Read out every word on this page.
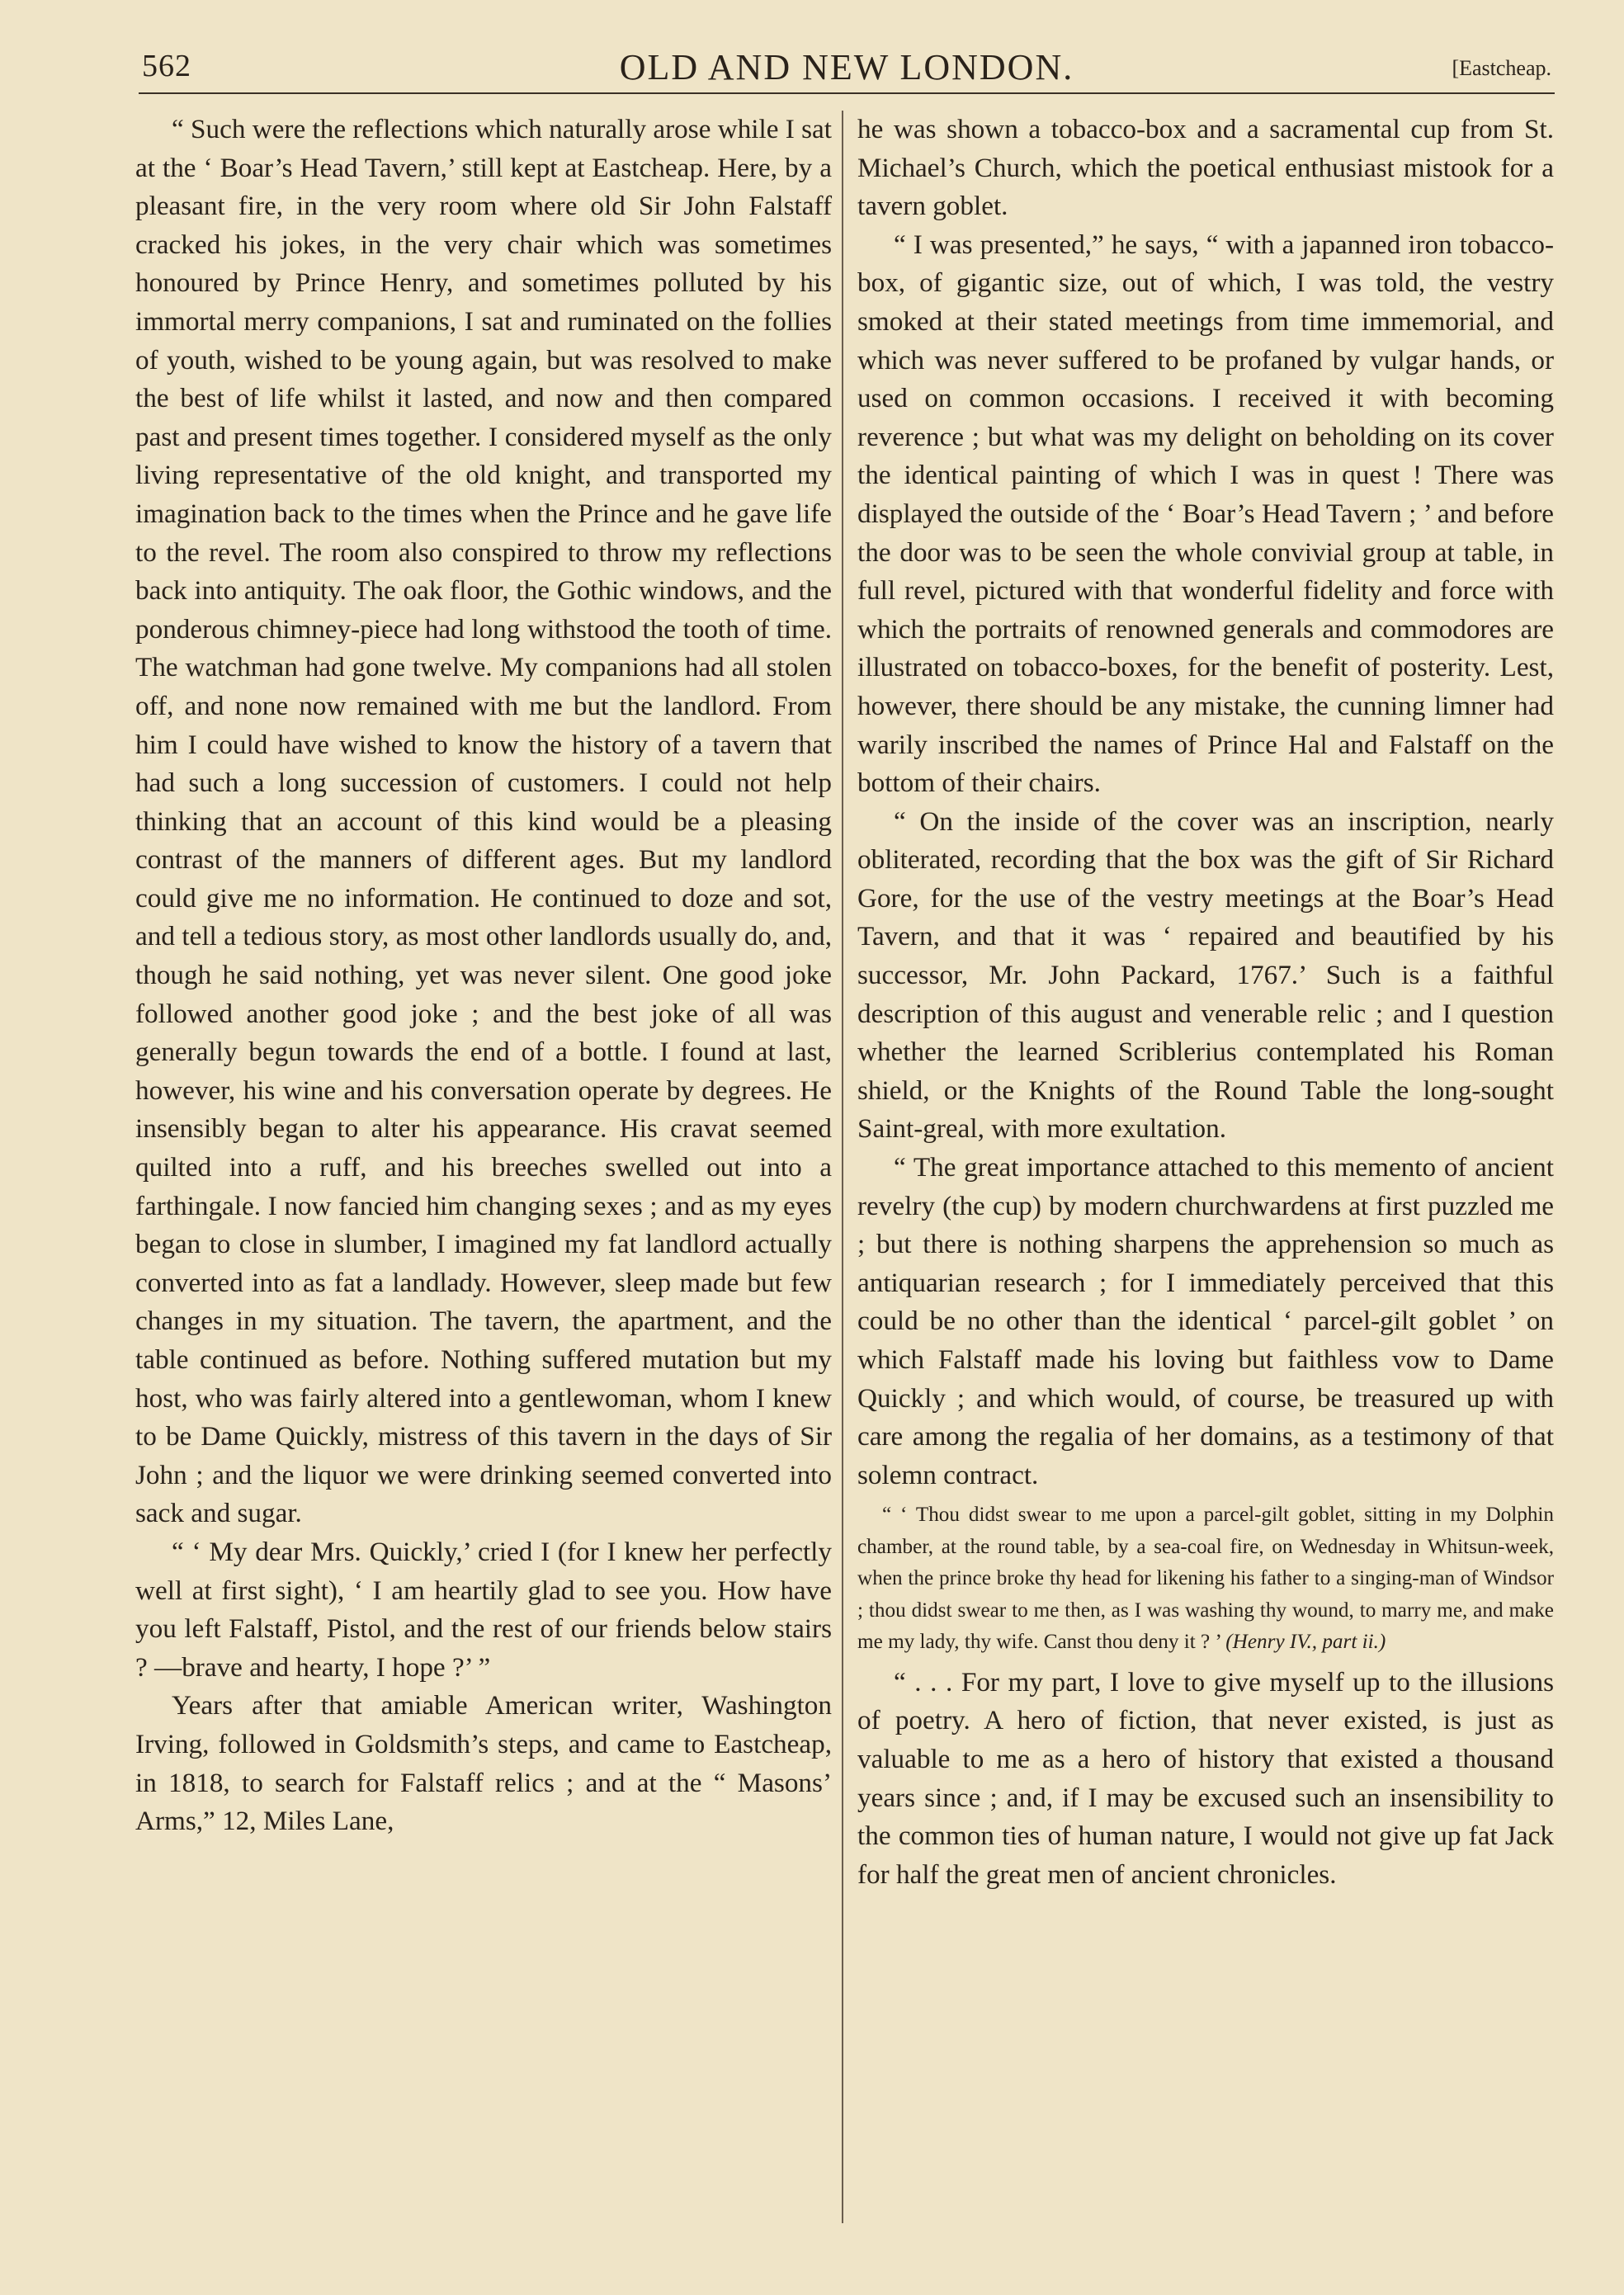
562	OLD AND NEW LONDON.	[Eastcheap.

“ Such were the reflections which naturally arose while I sat at the ‘ Boar’s Head Tavern,’ still kept at Eastcheap. Here, by a pleasant fire, in the very room where old Sir John Falstaff cracked his jokes, in the very chair which was sometimes honoured by Prince Henry, and sometimes polluted by his immortal merry companions, I sat and ruminated on the follies of youth, wished to be young again, but was resolved to make the best of life whilst it lasted, and now and then compared past and present times together. I considered myself as the only living representative of the old knight, and transported my imagination back to the times when the Prince and he gave life to the revel. The room also conspired to throw my reflections back into antiquity. The oak floor, the Gothic windows, and the ponderous chimney-piece had long withstood the tooth of time. The watchman had gone twelve. My companions had all stolen off, and none now remained with me but the landlord. From him I could have wished to know the history of a tavern that had such a long succession of customers. I could not help thinking that an account of this kind would be a pleasing contrast of the manners of different ages. But my landlord could give me no information. He continued to doze and sot, and tell a tedious story, as most other landlords usually do, and, though he said nothing, yet was never silent. One good joke followed another good joke ; and the best joke of all was generally begun towards the end of a bottle. I found at last, however, his wine and his conversation operate by degrees. He insensibly began to alter his appearance. His cravat seemed quilted into a ruff, and his breeches swelled out into a farthingale. I now fancied him changing sexes ; and as my eyes began to close in slumber, I imagined my fat landlord actually converted into as fat a landlady. However, sleep made but few changes in my situation. The tavern, the apartment, and the table continued as before. Nothing suffered mutation but my host, who was fairly altered into a gentlewoman, whom I knew to be Dame Quickly, mistress of this tavern in the days of Sir John ; and the liquor we were drinking seemed converted into sack and sugar.

“ ‘ My dear Mrs. Quickly,’ cried I (for I knew her perfectly well at first sight), ‘ I am heartily glad to see you. How have you left Falstaff, Pistol, and the rest of our friends below stairs ? —brave and hearty, I hope ?’ ”

Years after that amiable American writer, Washington Irving, followed in Goldsmith’s steps, and came to Eastcheap, in 1818, to search for Falstaff relics ; and at the “ Masons’ Arms,” 12, Miles Lane,

he was shown a tobacco-box and a sacramental cup from St. Michael’s Church, which the poetical enthusiast mistook for a tavern goblet.

“ I was presented,” he says, “ with a japanned iron tobacco-box, of gigantic size, out of which, I was told, the vestry smoked at their stated meetings from time immemorial, and which was never suffered to be profaned by vulgar hands, or used on common occasions. I received it with becoming reverence ; but what was my delight on beholding on its cover the identical painting of which I was in quest ! There was displayed the outside of the ‘ Boar’s Head Tavern ; ’ and before the door was to be seen the whole convivial group at table, in full revel, pictured with that wonderful fidelity and force with which the portraits of renowned generals and commodores are illustrated on tobacco-boxes, for the benefit of posterity. Lest, however, there should be any mistake, the cunning limner had warily inscribed the names of Prince Hal and Falstaff on the bottom of their chairs.

“ On the inside of the cover was an inscription, nearly obliterated, recording that the box was the gift of Sir Richard Gore, for the use of the vestry meetings at the Boar’s Head Tavern, and that it was ‘ repaired and beautified by his successor, Mr. John Packard, 1767.’ Such is a faithful description of this august and venerable relic ; and I question whether the learned Scriblerius contemplated his Roman shield, or the Knights of the Round Table the long-sought Saint-greal, with more exultation.

“ The great importance attached to this memento of ancient revelry (the cup) by modern churchwardens at first puzzled me ; but there is nothing sharpens the apprehension so much as antiquarian research ; for I immediately perceived that this could be no other than the identical ‘ parcel-gilt goblet ’ on which Falstaff made his loving but faithless vow to Dame Quickly ; and which would, of course, be treasured up with care among the regalia of her domains, as a testimony of that solemn contract.

“ ‘ Thou didst swear to me upon a parcel-gilt goblet, sitting in my Dolphin chamber, at the round table, by a sea-coal fire, on Wednesday in Whitsun-week, when the prince broke thy head for likening his father to a singing-man of Windsor ; thou didst swear to me then, as I was washing thy wound, to marry me, and make me my lady, thy wife. Canst thou deny it ? ’ (Henry IV., part ii.)

“ . . . For my part, I love to give myself up to the illusions of poetry. A hero of fiction, that never existed, is just as valuable to me as a hero of history that existed a thousand years since ; and, if I may be excused such an insensibility to the common ties of human nature, I would not give up fat Jack for half the great men of ancient chronicles.
